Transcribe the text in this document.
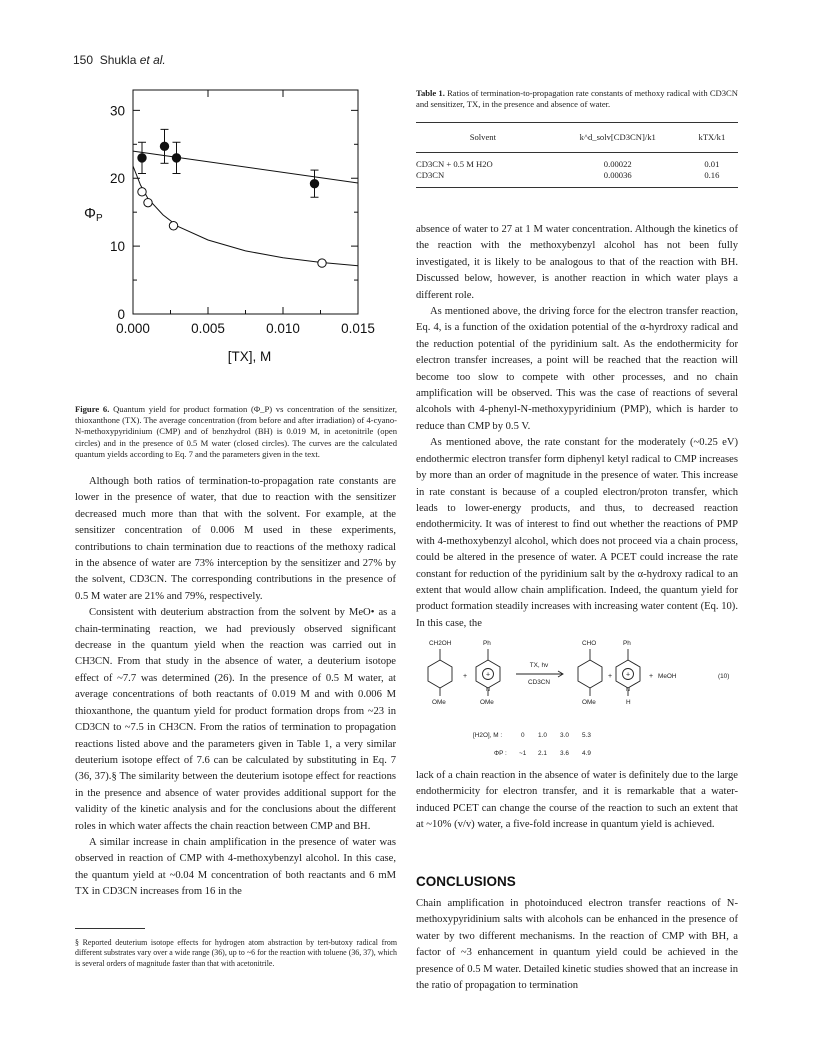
150 Shukla et al.
0.000	0.005	0.010	0.015
0
10
20
30
[TX], M
$\Phi_P$
Figure 6. Quantum yield for product formation (Φ_P) vs concentration of the sensitizer, thioxanthone (TX). The average concentration (from before and after irradiation) of 4-cyano-N-methoxypyridinium (CMP) and of benzhydrol (BH) is 0.019 M, in acetonitrile (open circles) and in the presence of 0.5 M water (closed circles). The curves are the calculated quantum yields according to Eq. 7 and the parameters given in the text.

Although both ratios of termination-to-propagation rate constants are lower in the presence of water, that due to reaction with the sensitizer decreased much more than that with the solvent. For example, at the sensitizer concentration of 0.006 M used in these experiments, contributions to chain termination due to reactions of the methoxy radical in the absence of water are 73% interception by the sensitizer and 27% by the solvent, CD3CN. The corresponding contributions in the presence of 0.5 M water are 21% and 79%, respectively.

Consistent with deuterium abstraction from the solvent by MeO• as a chain-terminating reaction, we had previously observed significant decrease in the quantum yield when the reaction was carried out in CH3CN. From that study in the absence of water, a deuterium isotope effect of ~7.7 was determined (26). In the presence of 0.5 M water, at average concentrations of both reactants of 0.019 M and with 0.006 M thioxanthone, the quantum yield for product formation drops from ~23 in CD3CN to ~7.5 in CH3CN. From the ratios of termination to propagation reactions listed above and the parameters given in Table 1, a very similar deuterium isotope effect of 7.6 can be calculated by substituting in Eq. 7 (36, 37).§ The similarity between the deuterium isotope effect for reactions in the presence and absence of water provides additional support for the validity of the kinetic analysis and for the conclusions about the different roles in which water affects the chain reaction between CMP and BH.

A similar increase in chain amplification in the presence of water was observed in reaction of CMP with 4-methoxybenzyl alcohol. In this case, the quantum yield at ~0.04 M concentration of both reactants and 6 mM TX in CD3CN increases from 16 in the

§ Reported deuterium isotope effects for hydrogen atom abstraction by tert-butoxy radical from different substrates vary over a wide range (36), up to ~6 for the reaction with toluene (36, 37), which is several orders of magnitude faster than that with acetonitrile.
Table 1. Ratios of termination-to-propagation rate constants of methoxy radical with CD3CN and sensitizer, TX, in the presence and absence of water.
Solvent	k^d_solv[CD3CN]/k1	kTX/k1
CD3CN + 0.5 M H2O	0.00022	0.01
CD3CN	0.00036	0.16

absence of water to 27 at 1 M water concentration. Although the kinetics of the reaction with the methoxybenzyl alcohol has not been fully investigated, it is likely to be analogous to that of the reaction with BH. Discussed below, however, is another reaction in which water plays a different role.

As mentioned above, the driving force for the electron transfer reaction, Eq. 4, is a function of the oxidation potential of the α-hyrdroxy radical and the reduction potential of the pyridinium salt. As the endothermicity for electron transfer increases, a point will be reached that the reaction will become too slow to compete with other processes, and no chain amplification will be observed. This was the case of reactions of several alcohols with 4-phenyl-N-methoxypyridinium (PMP), which is harder to reduce than CMP by 0.5 V.

As mentioned above, the rate constant for the moderately (~0.25 eV) endothermic electron transfer form diphenyl ketyl radical to CMP increases by more than an order of magnitude in the presence of water. This increase in rate constant is because of a coupled electron/proton transfer, which leads to lower-energy products, and thus, to decreased reaction endothermicity. It was of interest to find out whether the reactions of PMP with 4-methoxybenzyl alcohol, which does not proceed via a chain process, could be altered in the presence of water. A PCET could increase the rate constant for reduction of the pyridinium salt by the α-hydroxy radical to an extent that would allow chain amplification. Indeed, the quantum yield for product formation steadily increases with increasing water content (Eq. 10). In this case, the

CH2OH
+	+
N
OMe
Ph
OMe
TX, hv
CD3CN
CHO
OMe
+
Ph
+
N
H
+ MeOH	(10)
[H2O], M :	0 1.0 3.0 5.3
ΦP : ~1 2.1 3.6 4.9

lack of a chain reaction in the absence of water is definitely due to the large endothermicity for electron transfer, and it is remarkable that a water-induced PCET can change the course of the reaction to such an extent that at ~10% (v/v) water, a five-fold increase in quantum yield is achieved.

CONCLUSIONS

Chain amplification in photoinduced electron transfer reactions of N-methoxypyridinium salts with alcohols can be enhanced in the presence of water by two different mechanisms. In the reaction of CMP with BH, a factor of ~3 enhancement in quantum yield could be achieved in the presence of 0.5 M water. Detailed kinetic studies showed that an increase in the ratio of propagation to termination
